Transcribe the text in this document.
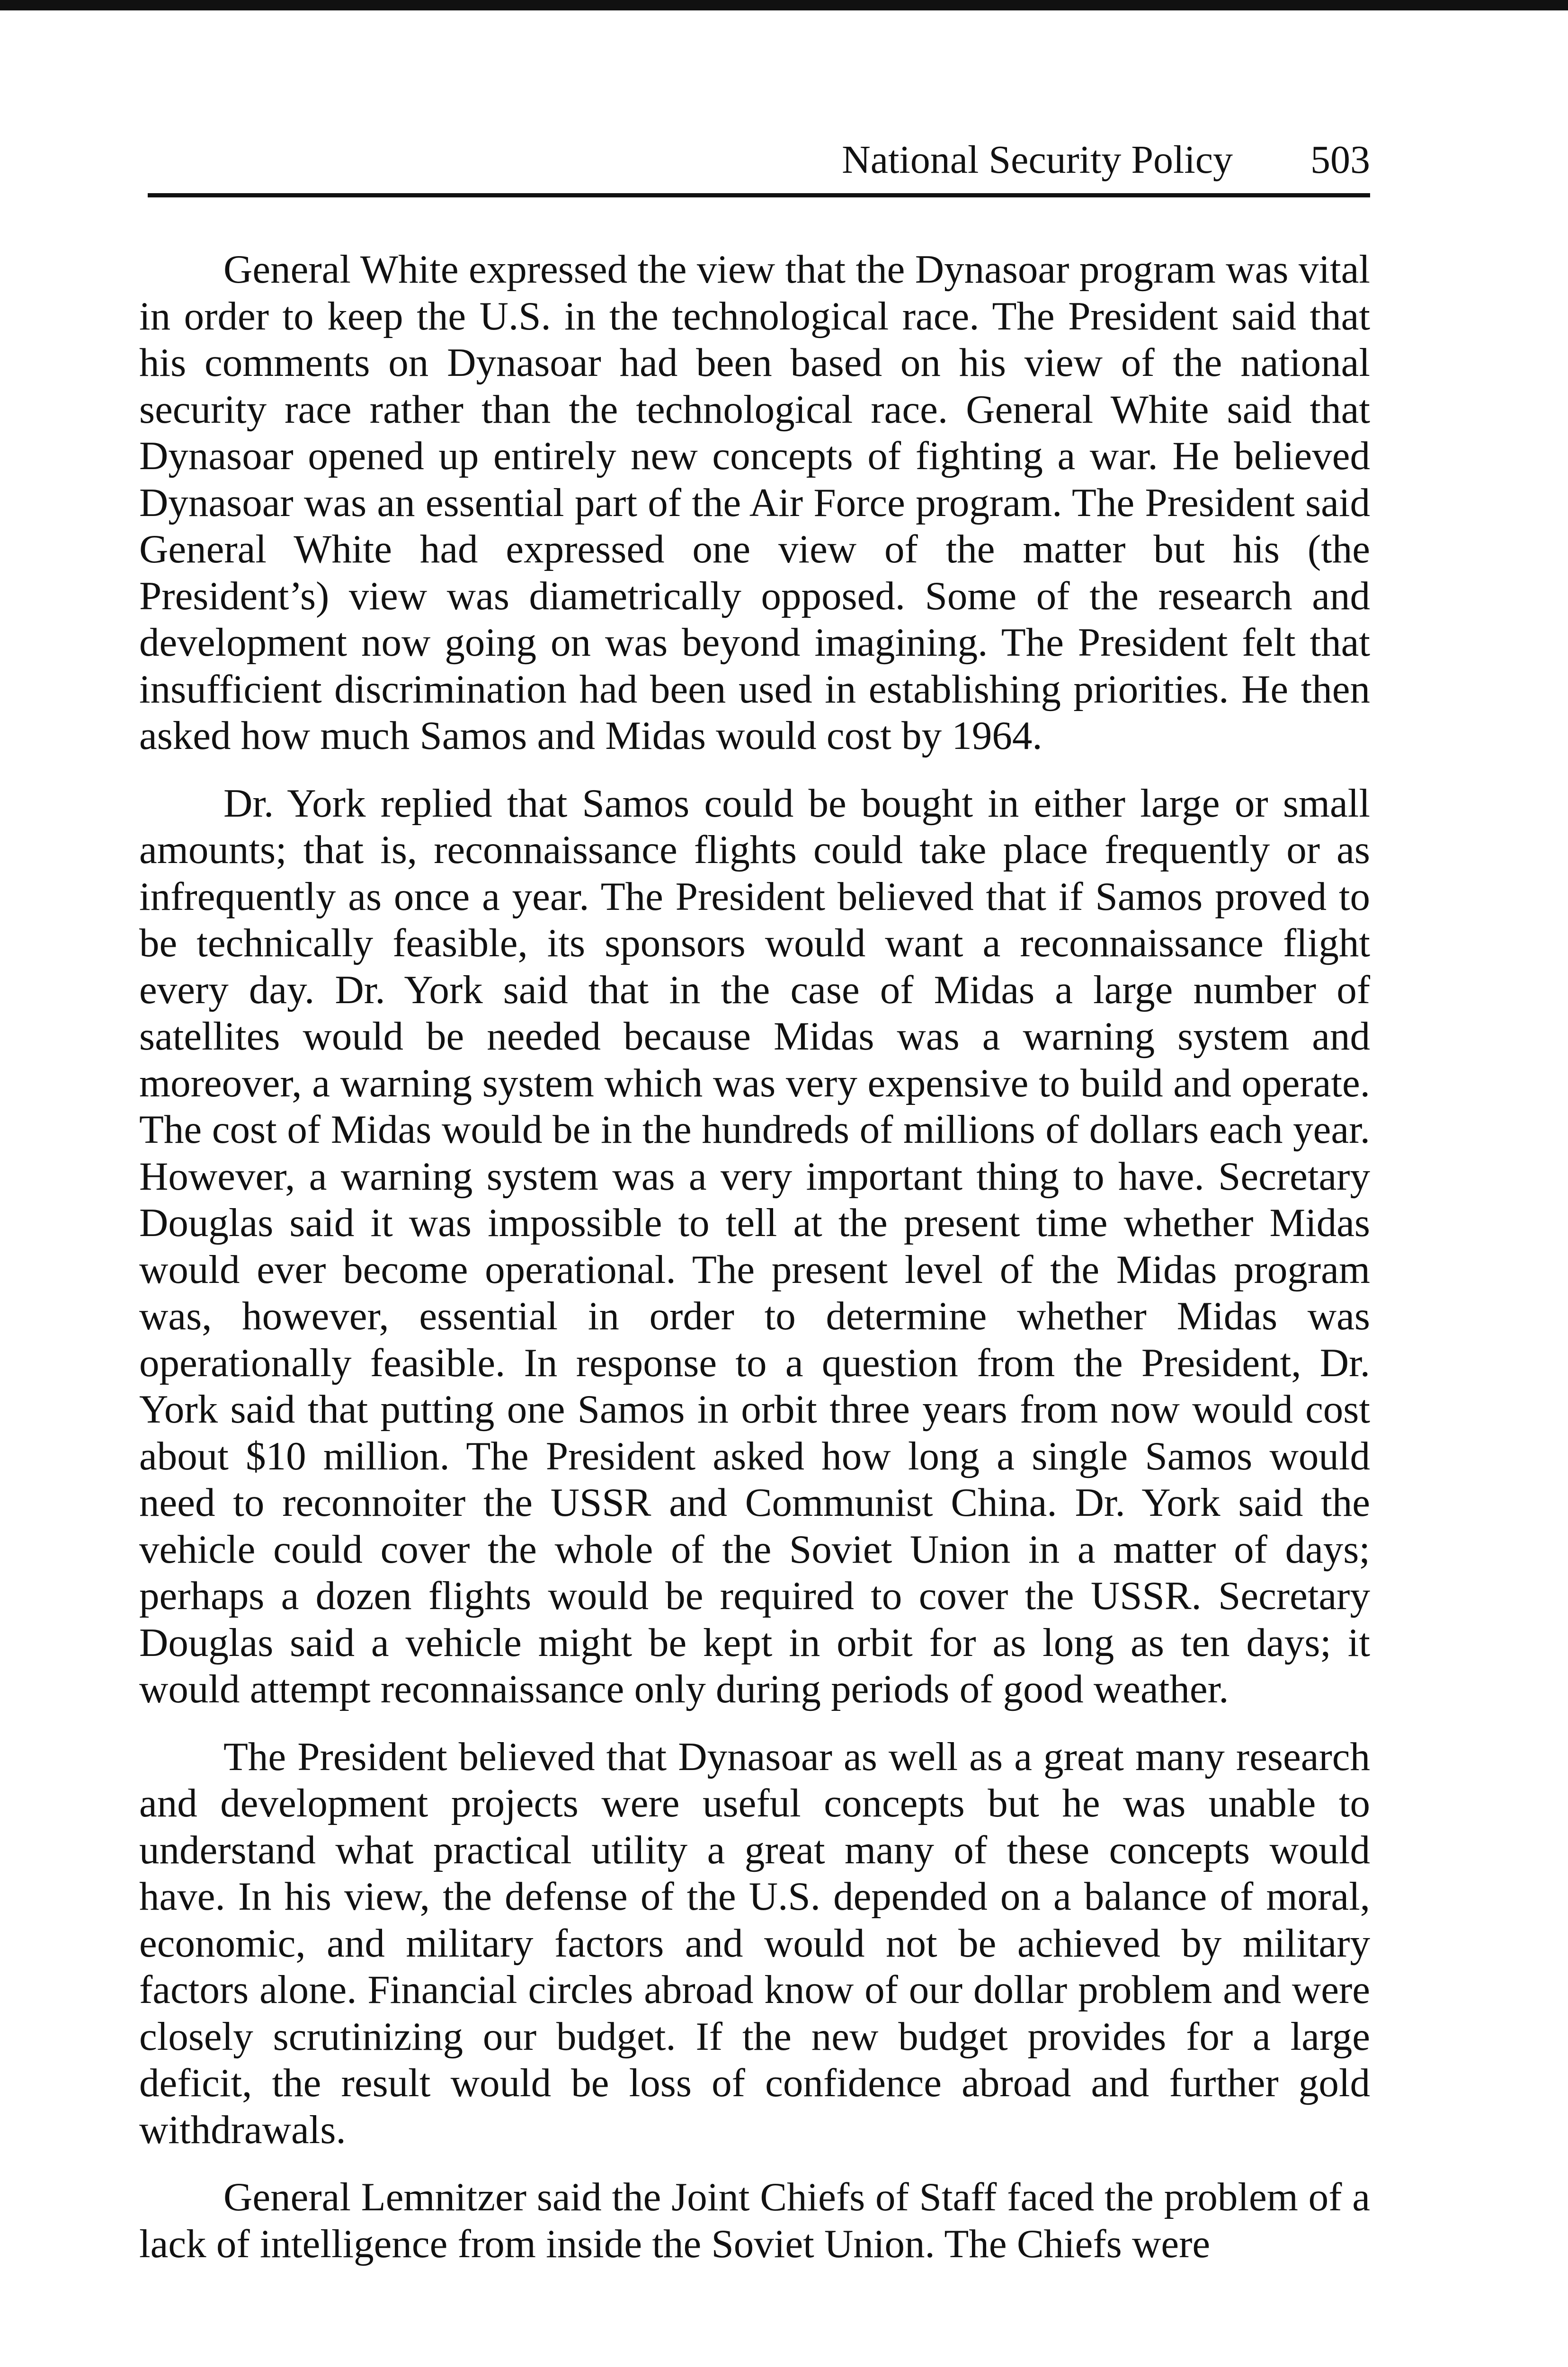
National Security Policy 503

General White expressed the view that the Dynasoar program was vital in order to keep the U.S. in the technological race. The President said that his comments on Dynasoar had been based on his view of the national security race rather than the technological race. General White said that Dynasoar opened up entirely new concepts of fighting a war. He believed Dynasoar was an essential part of the Air Force program. The President said General White had expressed one view of the matter but his (the President’s) view was diametrically opposed. Some of the research and development now going on was beyond imagining. The President felt that insufficient discrimination had been used in establishing priorities. He then asked how much Samos and Midas would cost by 1964.

Dr. York replied that Samos could be bought in either large or small amounts; that is, reconnaissance flights could take place frequently or as infrequently as once a year. The President believed that if Samos proved to be technically feasible, its sponsors would want a reconnaissance flight every day. Dr. York said that in the case of Midas a large number of satellites would be needed because Midas was a warning system and moreover, a warning system which was very expensive to build and operate. The cost of Midas would be in the hundreds of millions of dollars each year. However, a warning system was a very important thing to have. Secretary Douglas said it was impossible to tell at the present time whether Midas would ever become operational. The present level of the Midas program was, however, essential in order to determine whether Midas was operationally feasible. In response to a question from the President, Dr. York said that putting one Samos in orbit three years from now would cost about $10 million. The President asked how long a single Samos would need to reconnoiter the USSR and Communist China. Dr. York said the vehicle could cover the whole of the Soviet Union in a matter of days; perhaps a dozen flights would be required to cover the USSR. Secretary Douglas said a vehicle might be kept in orbit for as long as ten days; it would attempt reconnaissance only during periods of good weather.

The President believed that Dynasoar as well as a great many research and development projects were useful concepts but he was unable to understand what practical utility a great many of these concepts would have. In his view, the defense of the U.S. depended on a balance of moral, economic, and military factors and would not be achieved by military factors alone. Financial circles abroad know of our dollar problem and were closely scrutinizing our budget. If the new budget provides for a large deficit, the result would be loss of confidence abroad and further gold withdrawals.

General Lemnitzer said the Joint Chiefs of Staff faced the problem of a lack of intelligence from inside the Soviet Union. The Chiefs were
